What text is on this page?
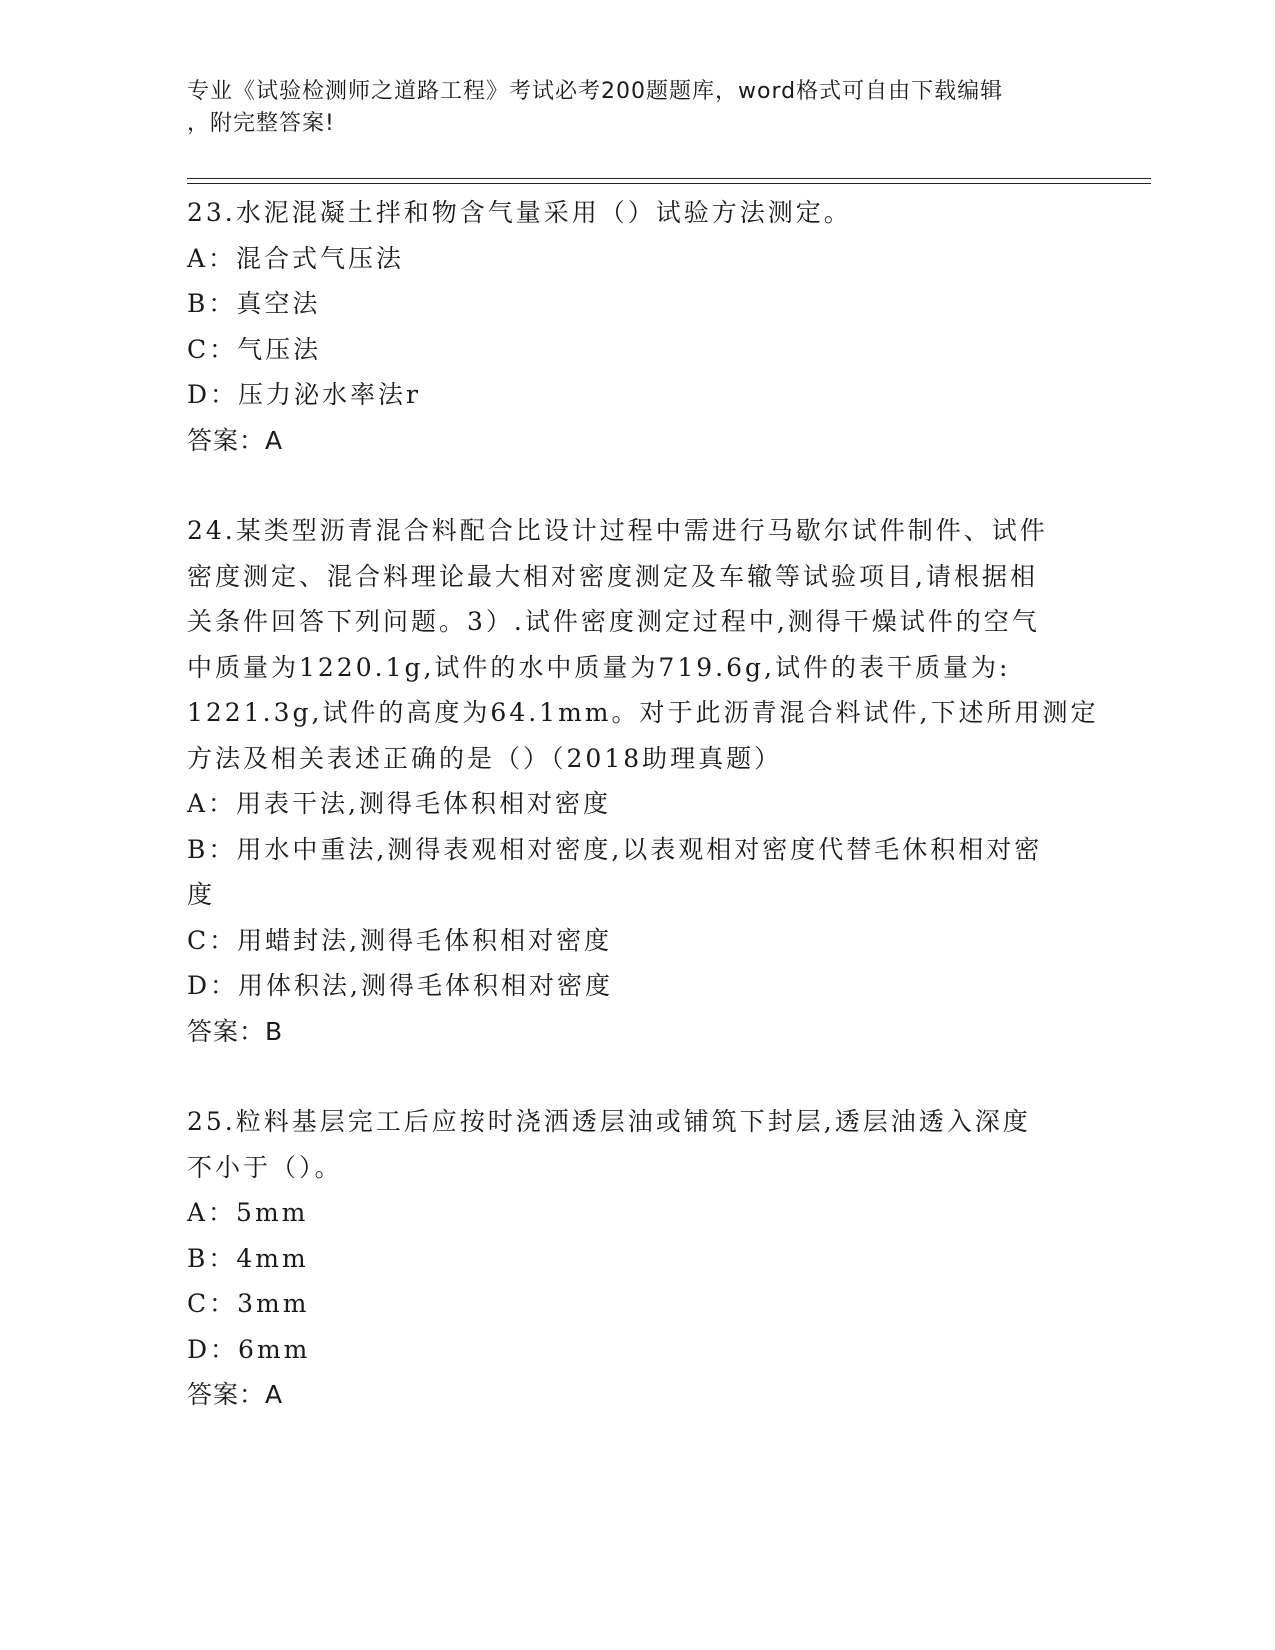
专业《试验检测师之道路工程》考试必考200题题库，word格式可自由下载编辑
，附完整答案!
23.水泥混凝土拌和物含气量采用（）试验方法测定。
A：混合式气压法
B：真空法
C：气压法
D：压力泌水率法r
答案：A
24.某类型沥青混合料配合比设计过程中需进行马歇尔试件制件、试件
密度测定、混合料理论最大相对密度测定及车辙等试验项目,请根据相
关条件回答下列问题。3）.试件密度测定过程中,测得干燥试件的空气
中质量为1220.1g,试件的水中质量为719.6g,试件的表干质量为:
1221.3g,试件的高度为64.1mm。对于此沥青混合料试件,下述所用测定
方法及相关表述正确的是（）（2018助理真题）
A：用表干法,测得毛体积相对密度
B：用水中重法,测得表观相对密度,以表观相对密度代替毛休积相对密
度
C：用蜡封法,测得毛体积相对密度
D：用体积法,测得毛体积相对密度
答案：B
25.粒料基层完工后应按时浇洒透层油或铺筑下封层,透层油透入深度
不小于（）。
A：5mm
B：4mm
C：3mm
D：6mm
答案：A
